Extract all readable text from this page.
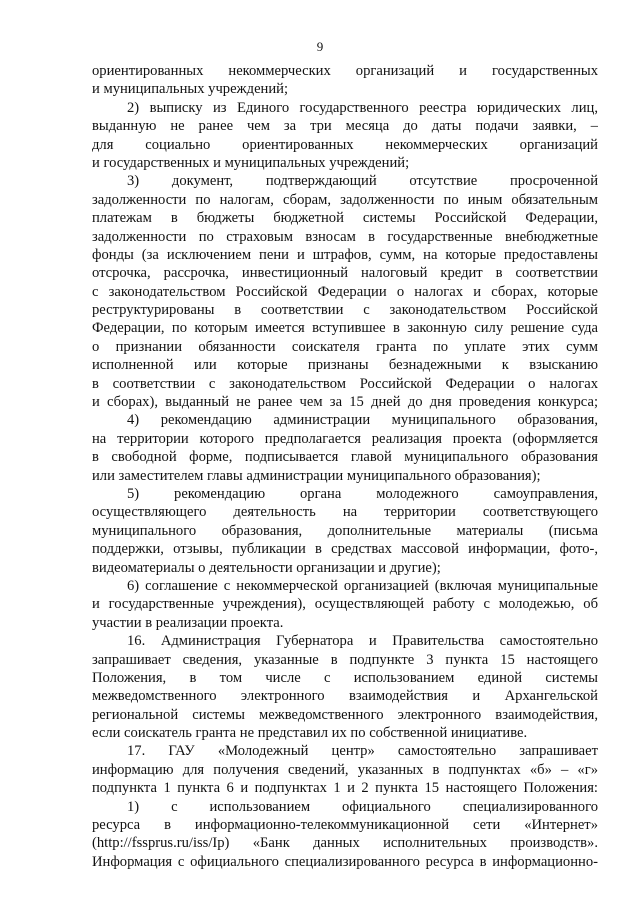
9
ориентированных некоммерческих организаций и государственных
и муниципальных учреждений;
2) выписку из Единого государственного реестра юридических лиц,
выданную не ранее чем за три месяца до даты подачи заявки, –
для социально ориентированных некоммерческих организаций
и государственных и муниципальных учреждений;
3) документ, подтверждающий отсутствие просроченной
задолженности по налогам, сборам, задолженности по иным обязательным
платежам в бюджеты бюджетной системы Российской Федерации,
задолженности по страховым взносам в государственные внебюджетные
фонды (за исключением пени и штрафов, сумм, на которые предоставлены
отсрочка, рассрочка, инвестиционный налоговый кредит в соответствии
с законодательством Российской Федерации о налогах и сборах, которые
реструктурированы в соответствии с законодательством Российской
Федерации, по которым имеется вступившее в законную силу решение суда
о признании обязанности соискателя гранта по уплате этих сумм
исполненной или которые признаны безнадежными к взысканию
в соответствии с законодательством Российской Федерации о налогах
и сборах), выданный не ранее чем за 15 дней до дня проведения конкурса;
4) рекомендацию администрации муниципального образования,
на территории которого предполагается реализация проекта (оформляется
в свободной форме, подписывается главой муниципального образования
или заместителем главы администрации муниципального образования);
5) рекомендацию органа молодежного самоуправления,
осуществляющего деятельность на территории соответствующего
муниципального образования, дополнительные материалы (письма
поддержки, отзывы, публикации в средствах массовой информации, фото-,
видеоматериалы о деятельности организации и другие);
6) соглашение с некоммерческой организацией (включая муниципальные
и государственные учреждения), осуществляющей работу с молодежью, об
участии в реализации проекта.
16. Администрация Губернатора и Правительства самостоятельно
запрашивает сведения, указанные в подпункте 3 пункта 15 настоящего
Положения, в том числе с использованием единой системы
межведомственного электронного взаимодействия и Архангельской
региональной системы межведомственного электронного взаимодействия,
если соискатель гранта не представил их по собственной инициативе.
17. ГАУ «Молодежный центр» самостоятельно запрашивает
информацию для получения сведений, указанных в подпунктах «б» – «г»
подпункта 1 пункта 6 и подпунктах 1 и 2 пункта 15 настоящего Положения:
1) с использованием официального специализированного
ресурса в информационно-телекоммуникационной сети «Интернет»
(http://fssprus.ru/iss/Ip) «Банк данных исполнительных производств».
Информация с официального специализированного ресурса в информационно-
